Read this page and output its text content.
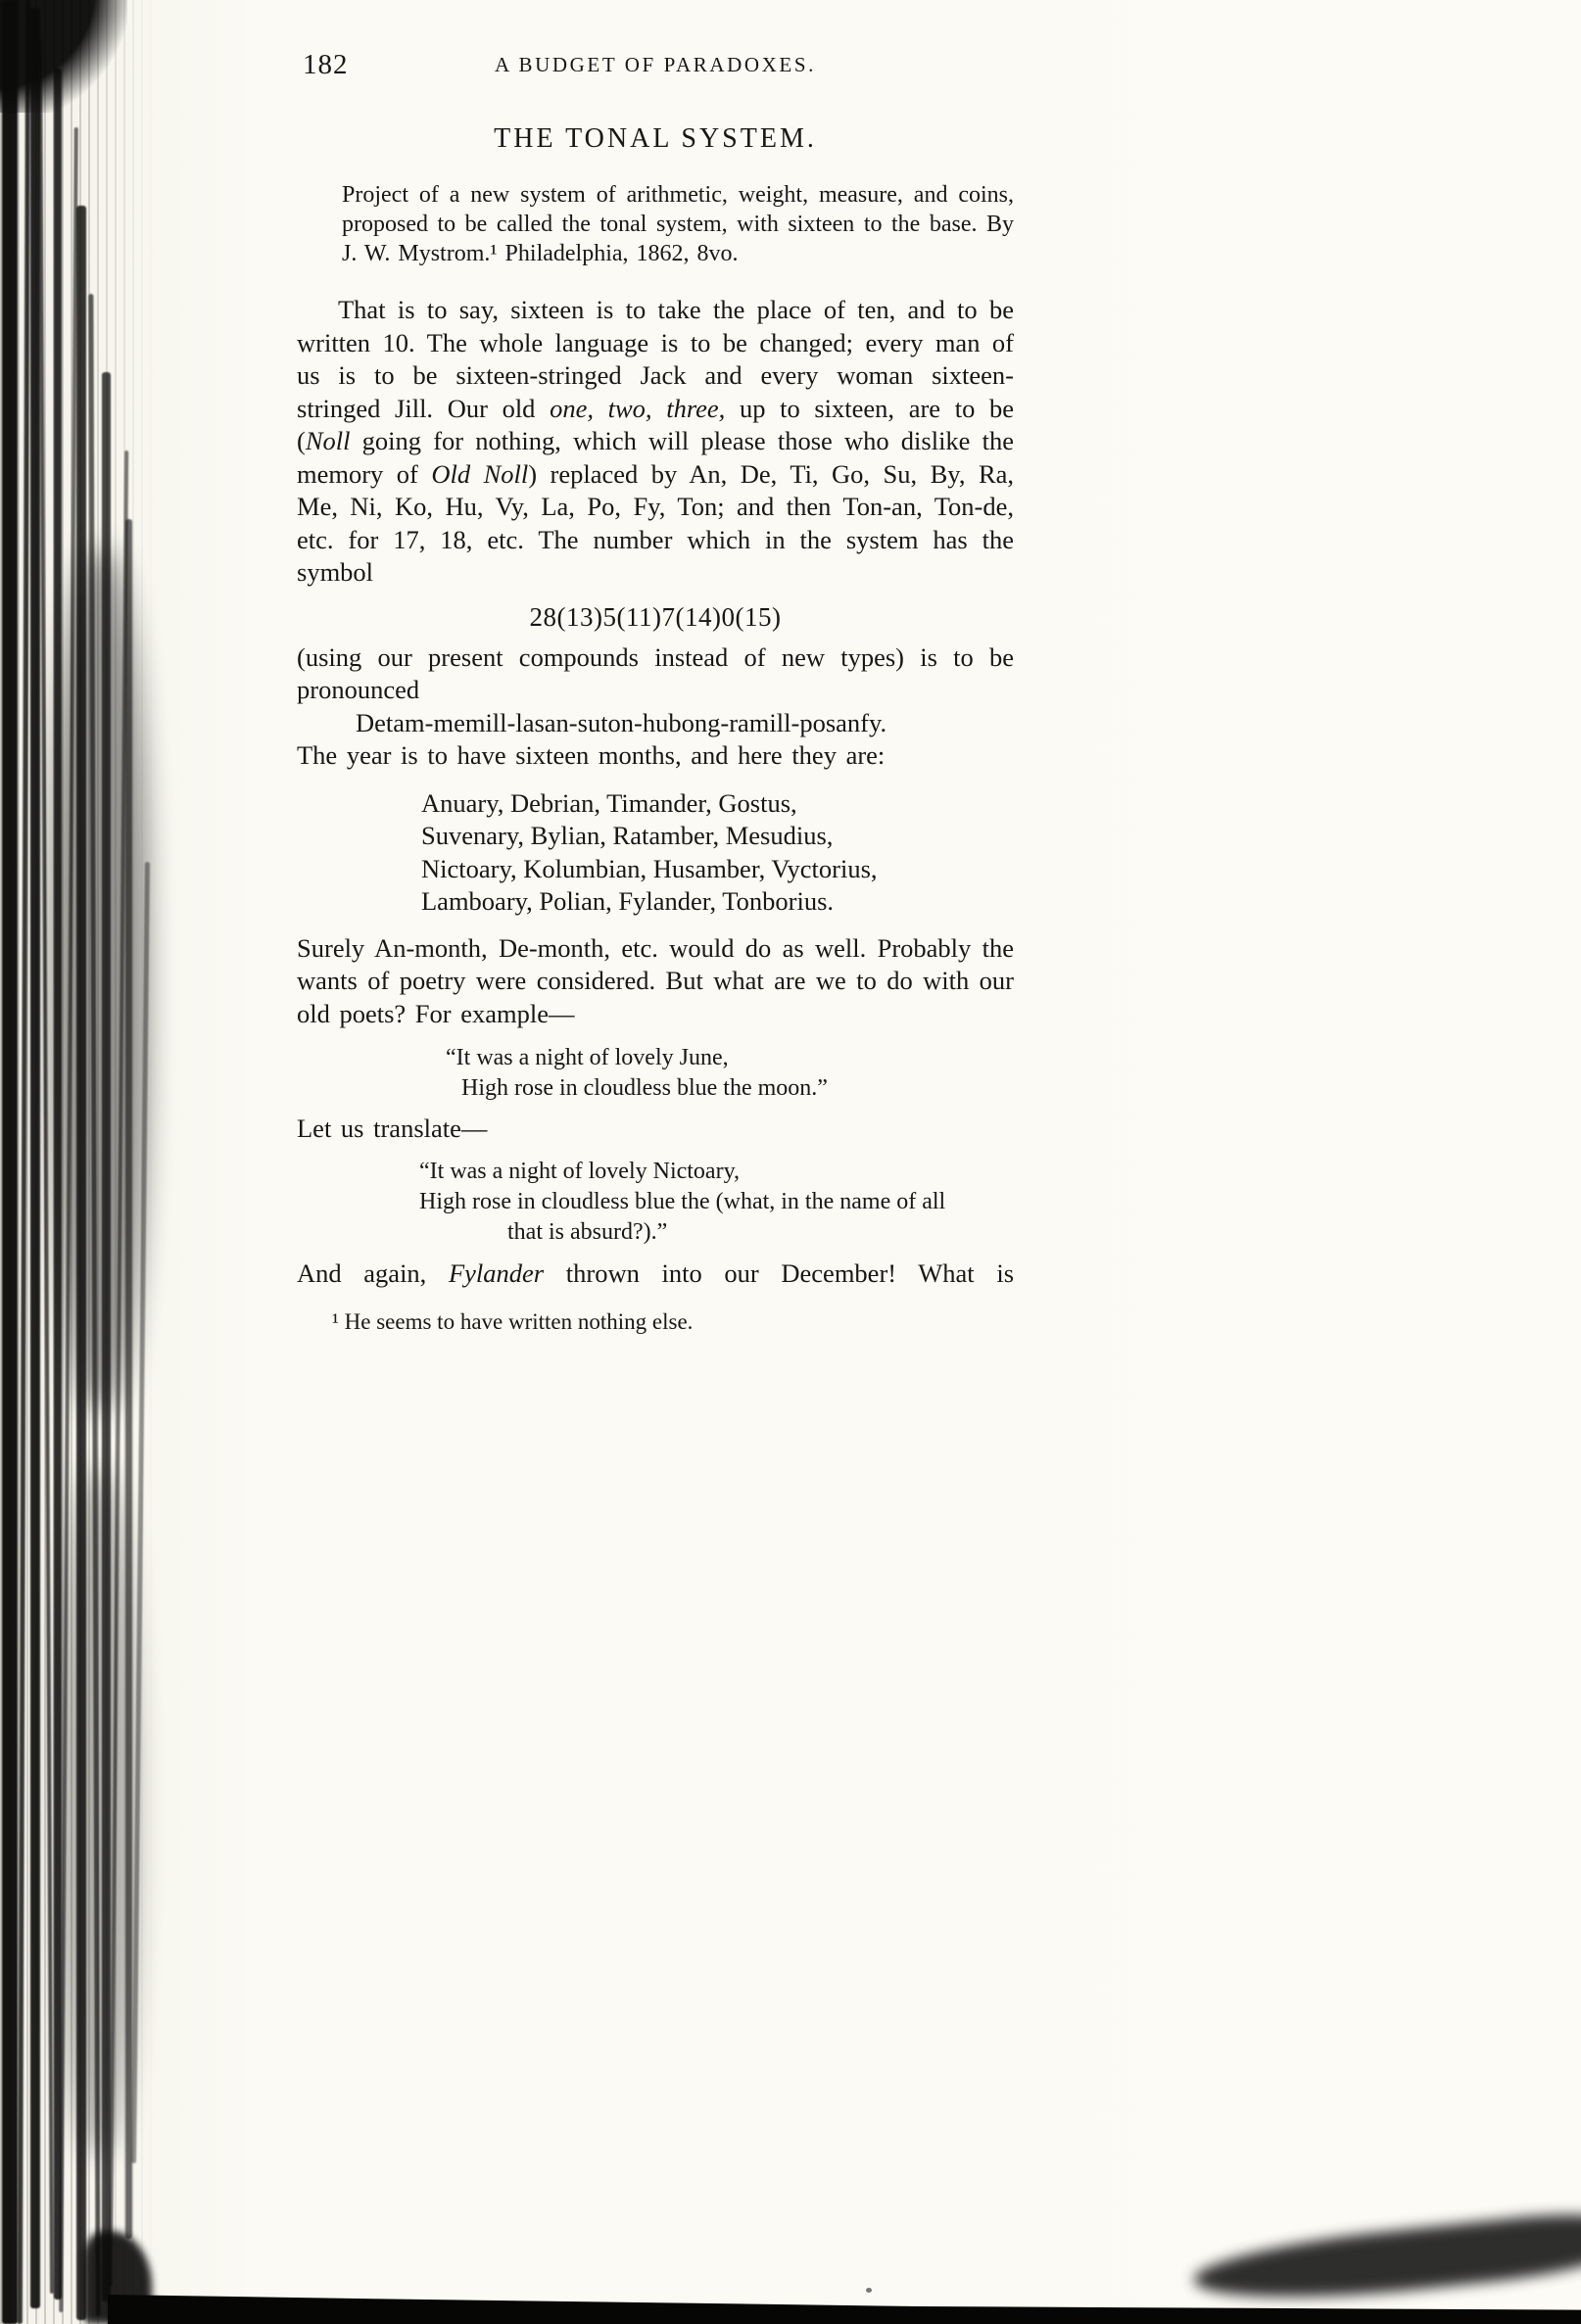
182	A BUDGET OF PARADOXES.
THE TONAL SYSTEM.
Project of a new system of arithmetic, weight, measure, and coins, proposed to be called the tonal system, with sixteen to the base. By J. W. Mystrom.¹ Philadelphia, 1862, 8vo.

That is to say, sixteen is to take the place of ten, and to be written 10. The whole language is to be changed; every man of us is to be sixteen-stringed Jack and every woman sixteen-stringed Jill. Our old one, two, three, up to sixteen, are to be (Noll going for nothing, which will please those who dislike the memory of Old Noll) replaced by An, De, Ti, Go, Su, By, Ra, Me, Ni, Ko, Hu, Vy, La, Po, Fy, Ton; and then Ton-an, Ton-de, etc. for 17, 18, etc. The number which in the system has the symbol

28(13)5(11)7(14)0(15)

(using our present compounds instead of new types) is to be pronounced

Detam-memill-lasan-suton-hubong-ramill-posanfy.

The year is to have sixteen months, and here they are:

Anuary, Debrian, Timander, Gostus,
Suvenary, Bylian, Ratamber, Mesudius,
Nictoary, Kolumbian, Husamber, Vyctorius,
Lamboary, Polian, Fylander, Tonborius.

Surely An-month, De-month, etc. would do as well. Probably the wants of poetry were considered. But what are we to do with our old poets? For example—

“It was a night of lovely June,
High rose in cloudless blue the moon.”

Let us translate—

“It was a night of lovely Nictoary,
High rose in cloudless blue the (what, in the name of all
that is absurd?).”

And again, Fylander thrown into our December! What is

¹ He seems to have written nothing else.
